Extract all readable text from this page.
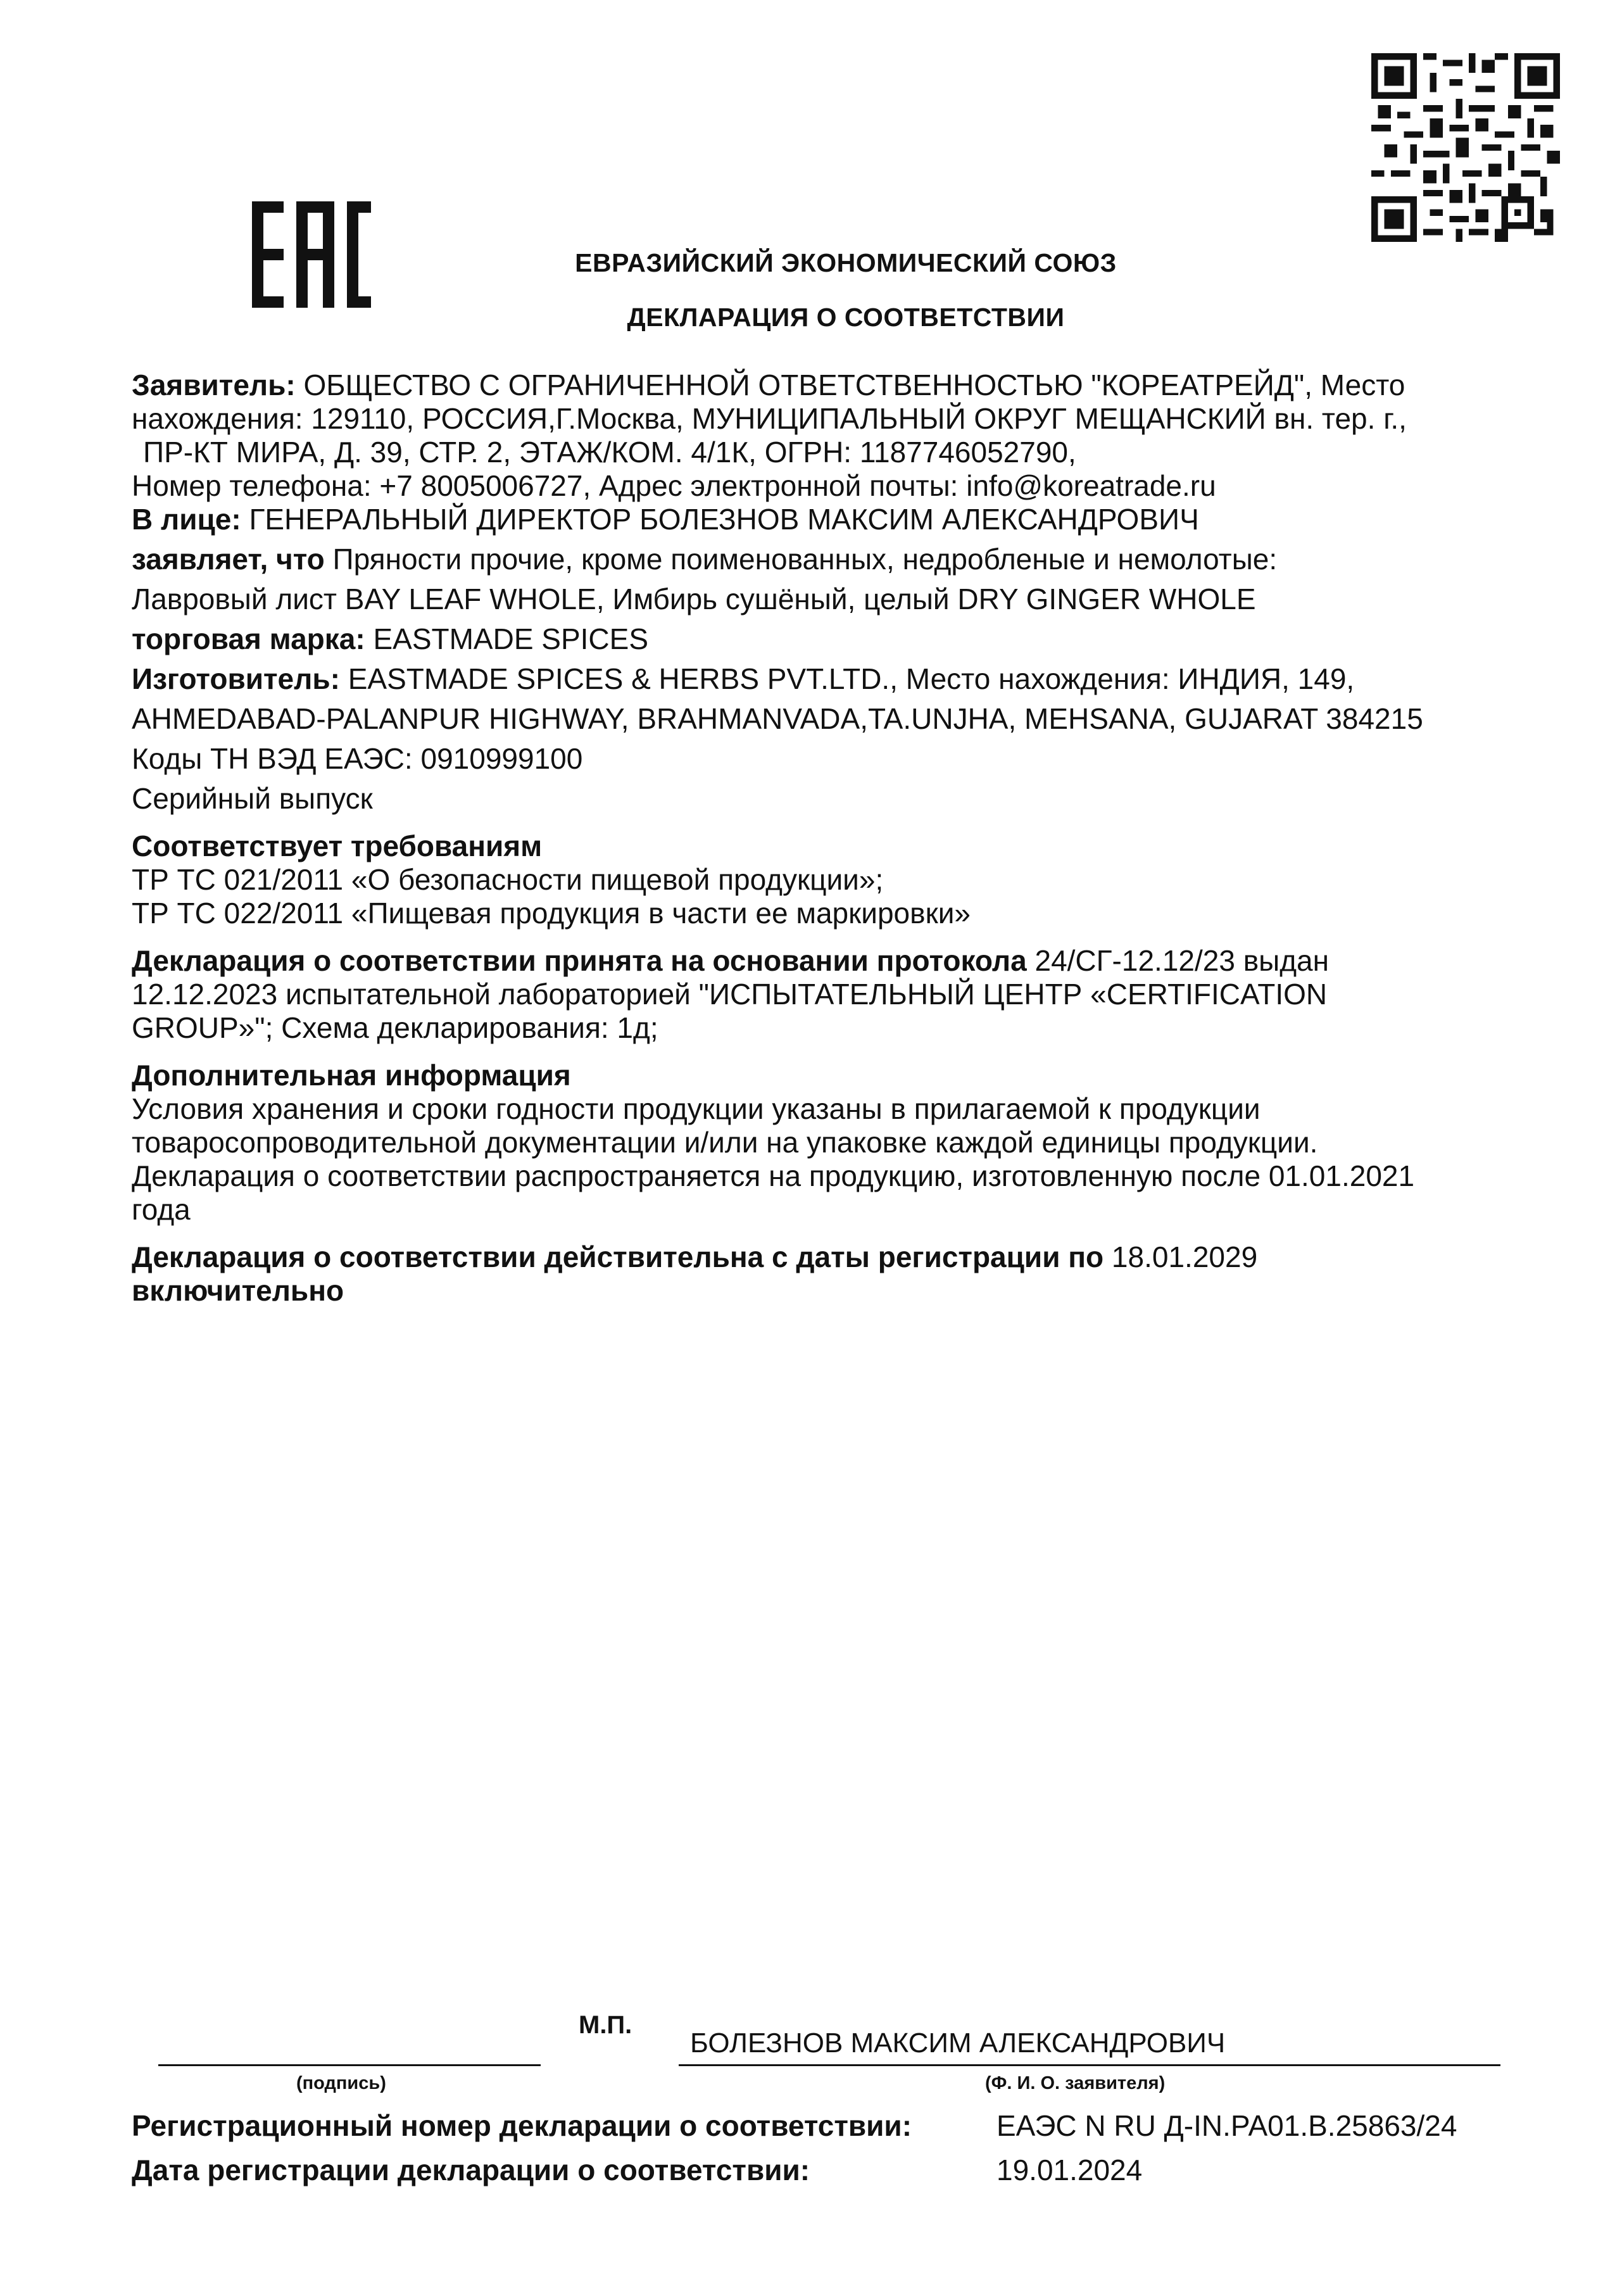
ЕВРАЗИЙСКИЙ ЭКОНОМИЧЕСКИЙ СОЮЗ
ДЕКЛАРАЦИЯ О СООТВЕТСТВИИ

Заявитель: ОБЩЕСТВО С ОГРАНИЧЕННОЙ ОТВЕТСТВЕННОСТЬЮ "КОРЕАТРЕЙД", Место

нахождения: 129110, РОССИЯ,Г.Москва, МУНИЦИПАЛЬНЫЙ ОКРУГ МЕЩАНСКИЙ вн. тер. г.,

ПР-КТ МИРА, Д. 39, СТР. 2, ЭТАЖ/КОМ. 4/1К, ОГРН: 1187746052790,

Номер телефона: +7 8005006727, Адрес электронной почты: info@koreatrade.ru

В лице: ГЕНЕРАЛЬНЫЙ ДИРЕКТОР БОЛЕЗНОВ МАКСИМ АЛЕКСАНДРОВИЧ

заявляет, что Пряности прочие, кроме поименованных, недробленые и немолотые:

Лавровый лист BAY LEAF WHOLE, Имбирь сушёный, целый DRY GINGER WHOLE

торговая марка: EASTMADE SPICES

Изготовитель: EASTMADE SPICES & HERBS PVT.LTD., Место нахождения: ИНДИЯ, 149,

AHMEDABAD-PALANPUR HIGHWAY, BRAHMANVADA,TA.UNJHA, MEHSANA, GUJARAT 384215

Коды ТН ВЭД ЕАЭС: 0910999100

Серийный выпуск

Соответствует требованиям

ТР ТС 021/2011 «О безопасности пищевой продукции»;

ТР ТС 022/2011 «Пищевая продукция в части ее маркировки»

Декларация о соответствии принята на основании протокола 24/СГ-12.12/23 выдан

12.12.2023 испытательной лабораторией "ИСПЫТАТЕЛЬНЫЙ ЦЕНТР «CERTIFICATION

GROUP»"; Схема декларирования: 1д;

Дополнительная информация

Условия хранения и сроки годности продукции указаны в прилагаемой к продукции

товаросопроводительной документации и/или на упаковке каждой единицы продукции.

Декларация о соответствии распространяется на продукцию, изготовленную после 01.01.2021

года

Декларация о соответствии действительна с даты регистрации по 18.01.2029

включительно

М.П.
БОЛЕЗНОВ МАКСИМ АЛЕКСАНДРОВИЧ
(подпись)	(Ф. И. О. заявителя)
Регистрационный номер декларации о соответствии:	ЕАЭС N RU Д-IN.РА01.В.25863/24
Дата регистрации декларации о соответствии:	19.01.2024
